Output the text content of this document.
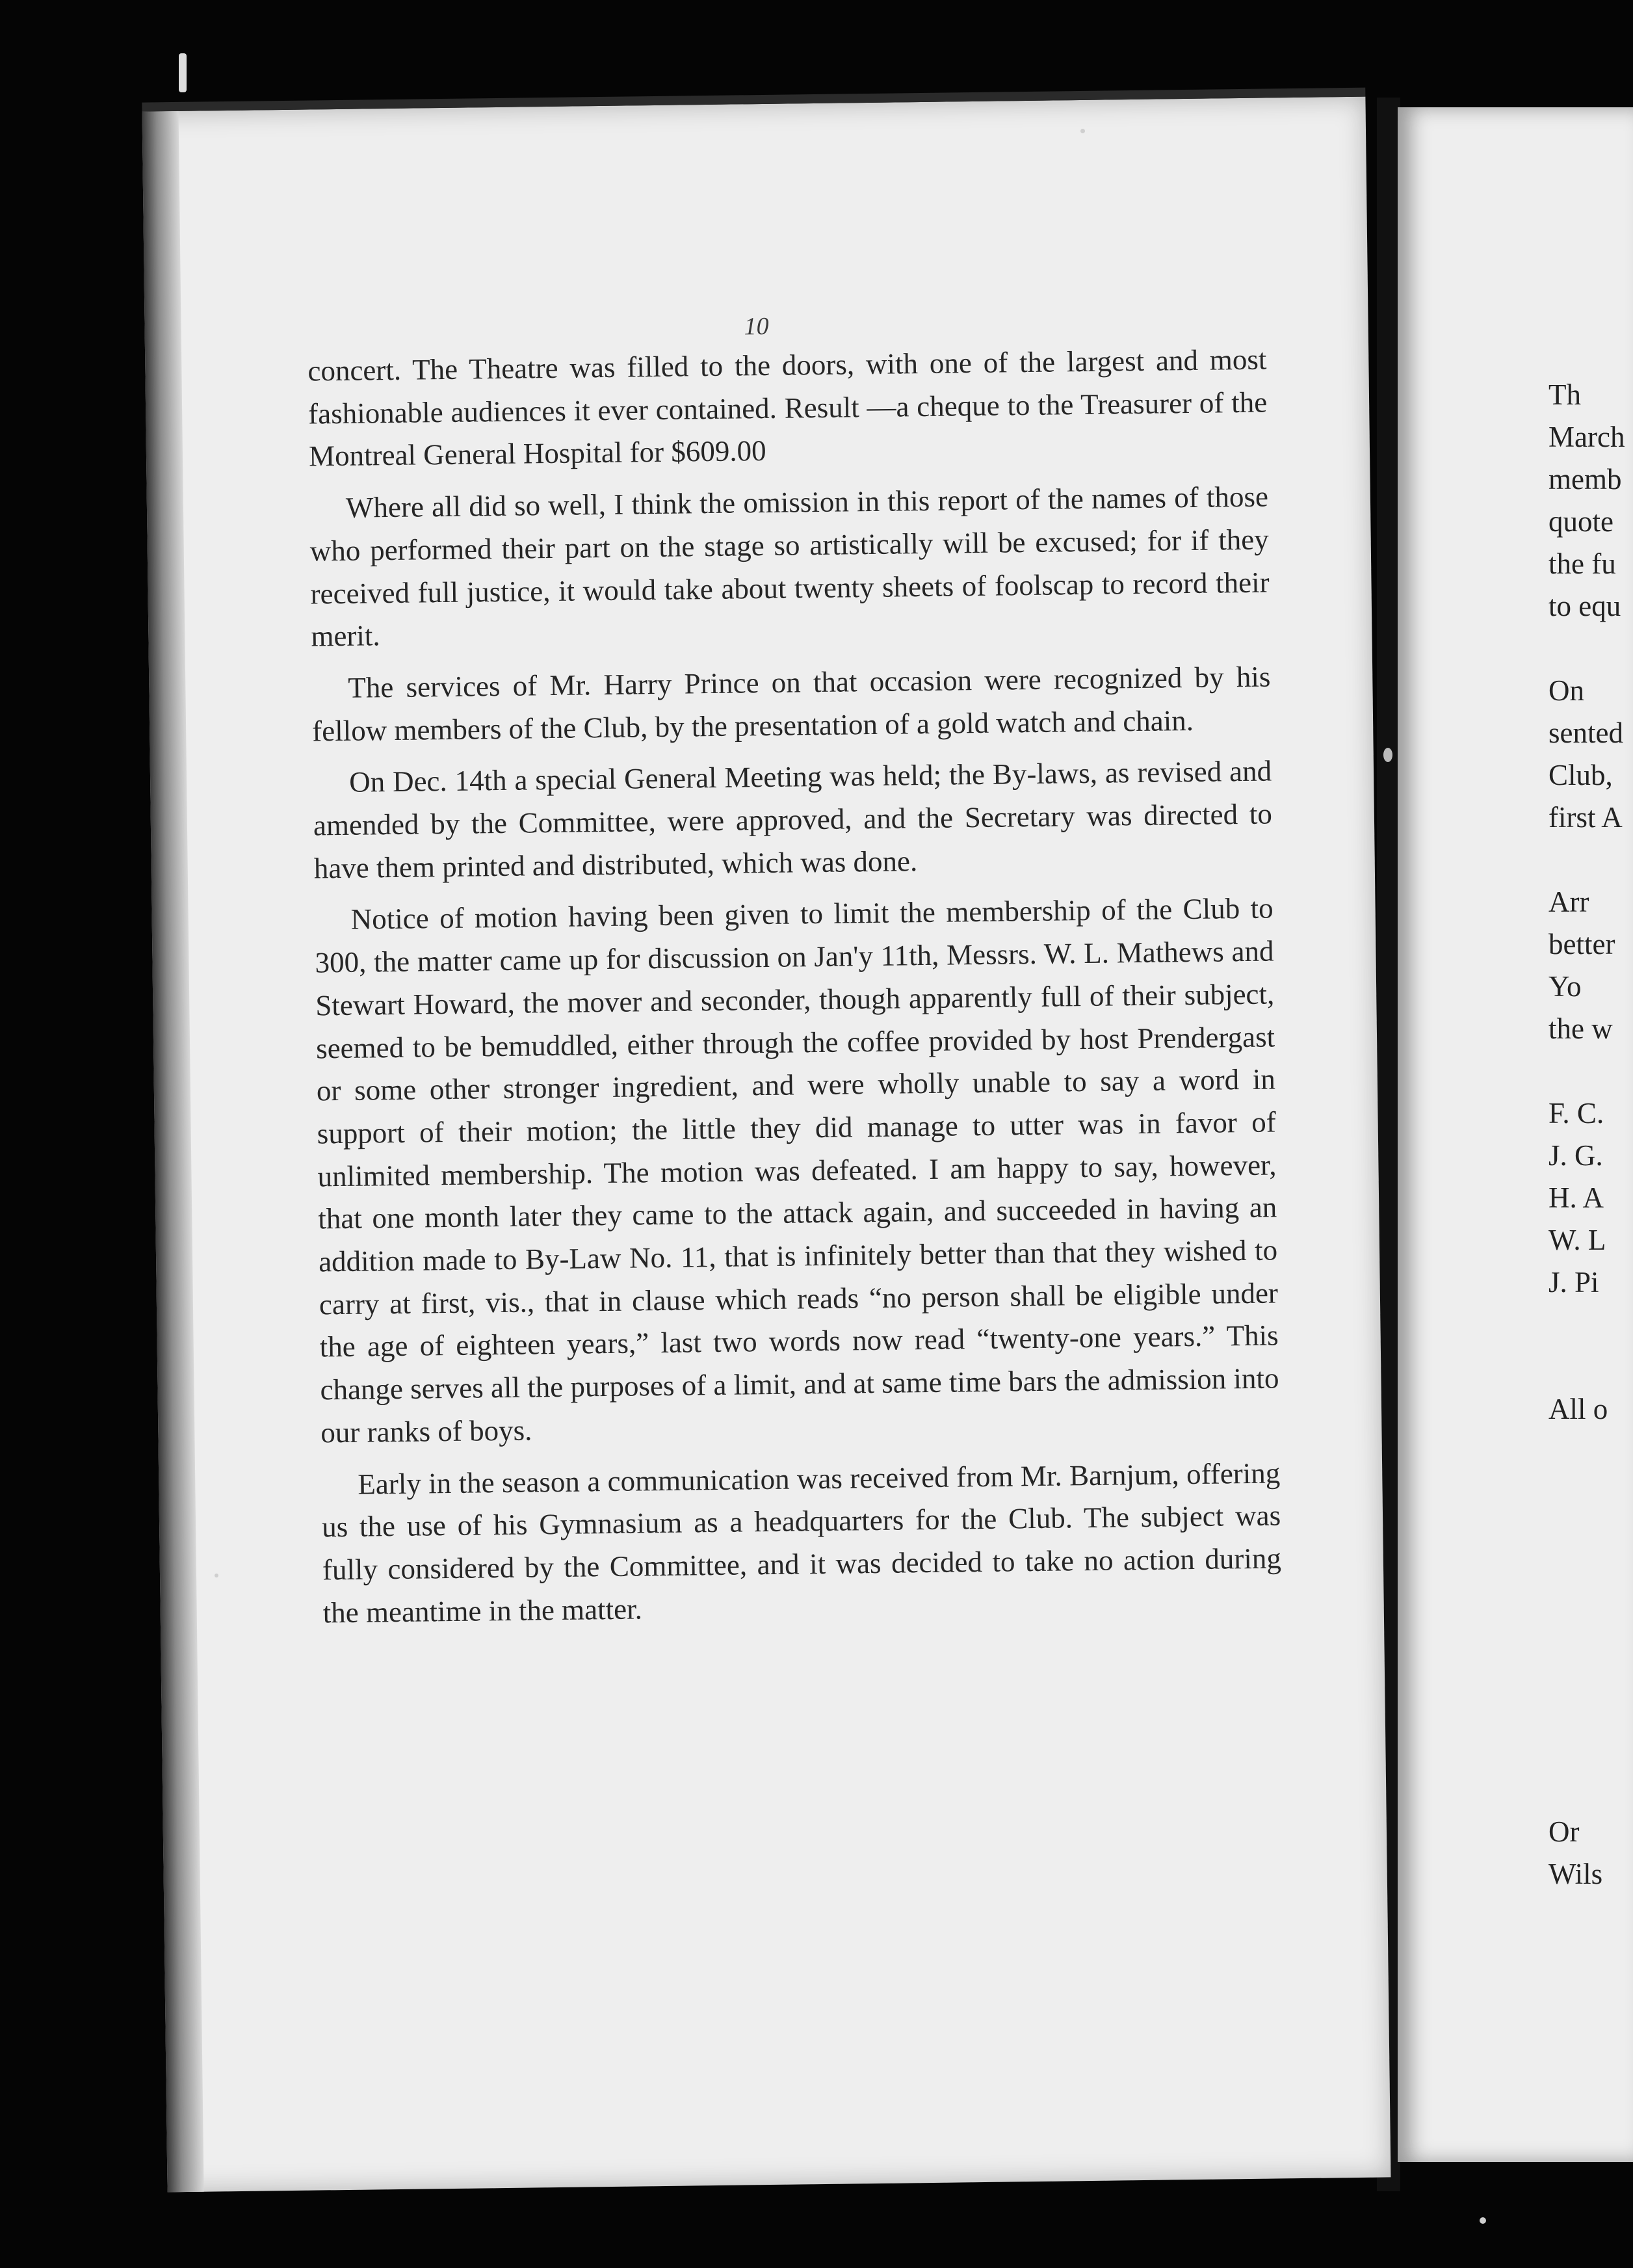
10

concert. The Theatre was filled to the doors, with one of the largest and most fashionable audiences it ever contained. Result —a cheque to the Treasurer of the Montreal General Hospital for $609.00

Where all did so well, I think the omission in this report of the names of those who performed their part on the stage so artistically will be excused; for if they received full justice, it would take about twenty sheets of foolscap to record their merit.

The services of Mr. Harry Prince on that occasion were recognized by his fellow members of the Club, by the presentation of a gold watch and chain.

On Dec. 14th a special General Meeting was held; the By-laws, as revised and amended by the Committee, were approved, and the Secretary was directed to have them printed and distributed, which was done.

Notice of motion having been given to limit the membership of the Club to 300, the matter came up for discussion on Jan'y 11th, Messrs. W. L. Mathews and Stewart Howard, the mover and seconder, though apparently full of their subject, seemed to be bemuddled, either through the coffee provided by host Prendergast or some other stronger ingredient, and were wholly unable to say a word in support of their motion; the little they did manage to utter was in favor of unlimited membership. The motion was defeated. I am happy to say, however, that one month later they came to the attack again, and succeeded in having an addition made to By-Law No. 11, that is infinitely better than that they wished to carry at first, vis., that in clause which reads “no person shall be eligible under the age of eighteen years,” last two words now read “twenty-one years.” This change serves all the purposes of a limit, and at same time bars the admission into our ranks of boys.

Early in the season a communication was received from Mr. Barnjum, offering us the use of his Gymnasium as a headquarters for the Club. The subject was fully considered by the Committee, and it was decided to take no action during the meantime in the matter.

Th
March
memb
quote
the fu
to equ
On
sented
Club,
first A
Arr
better
Yo
the w
F. C.
J. G.
H. A
W. L
J. Pi
All o
Or
Wils
